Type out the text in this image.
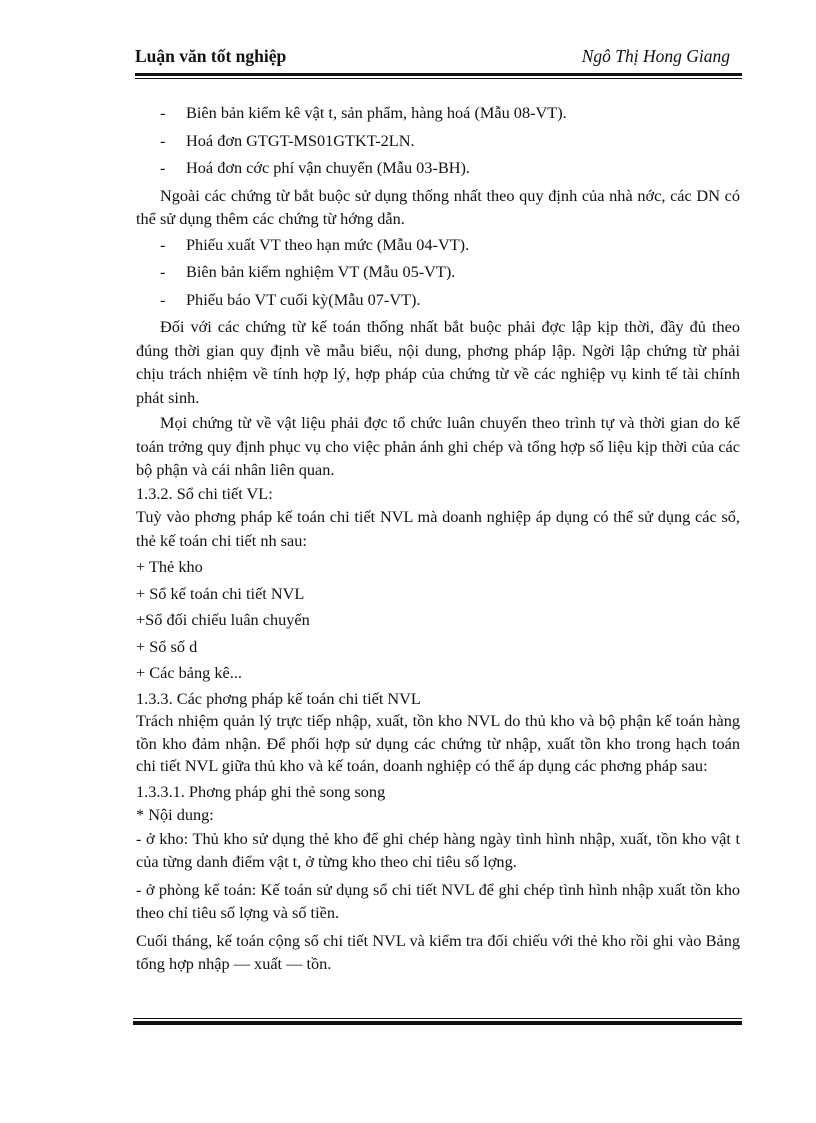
Luận văn tốt nghiệp	Ngô Thị Hong Giang

- Biên bản kiểm kê vật t, sản phẩm, hàng hoá (Mẫu 08-VT).

- Hoá đơn GTGT-MS01GTKT-2LN.

- Hoá đơn cớc phí vận chuyển (Mẫu 03-BH).

Ngoài các chứng từ bắt buộc sử dụng thống nhất theo quy định của nhà nớc, các DN có thể sử dụng thêm các chứng từ hớng dẫn.

- Phiếu xuất VT theo hạn mức (Mẫu 04-VT).

- Biên bản kiểm nghiệm VT (Mẫu 05-VT).

- Phiếu báo VT cuối kỳ(Mẫu 07-VT).

Đối với các chứng từ kế toán thống nhất bắt buộc phải đợc lập kịp thời, đầy đủ theo đúng thời gian quy định về mẫu biểu, nội dung, phơng pháp lập. Ngời lập chứng từ phải chịu trách nhiệm về tính hợp lý, hợp pháp của chứng từ về các nghiệp vụ kinh tế tài chính phát sinh.

Mọi chứng từ về vật liệu phải đợc tổ chức luân chuyển theo trình tự và thời gian do kế toán trởng quy định phục vụ cho việc phản ánh ghi chép và tổng hợp số liệu kịp thời của các bộ phận và cái nhân liên quan.

1.3.2. Sổ chi tiết VL:

Tuỳ vào phơng pháp kế toán chi tiết NVL mà doanh nghiệp áp dụng có thể sử dụng các sổ, thẻ kế toán chi tiết nh sau:

+ Thẻ kho

+ Sổ kế toán chi tiết NVL

+Sổ đối chiếu luân chuyển

+ Sổ số d

+ Các bảng kê...

1.3.3. Các phơng pháp kế toán chi tiết NVL

Trách nhiệm quản lý trực tiếp nhập, xuất, tồn kho NVL do thủ kho và bộ phận kế toán hàng tồn kho đảm nhận. Để phối hợp sử dụng các chứng từ nhập, xuất tồn kho trong hạch toán chi tiết NVL giữa thủ kho và kế toán, doanh nghiệp có thể áp dụng các phơng pháp sau:

1.3.3.1. Phơng pháp ghi thẻ song song

* Nội dung:

- ở kho: Thủ kho sử dụng thẻ kho để ghi chép hàng ngày tình hình nhập, xuất, tồn kho vật t của từng danh điểm vật t, ở từng kho theo chỉ tiêu số lợng.

- ở phòng kế toán: Kế toán sử dụng sổ chi tiết NVL để ghi chép tình hình nhập xuất tồn kho theo chỉ tiêu số lợng và số tiền.

Cuối tháng, kế toán cộng sổ chi tiết NVL và kiểm tra đối chiếu với thẻ kho rồi ghi vào Bảng tổng hợp nhập — xuất — tồn.
